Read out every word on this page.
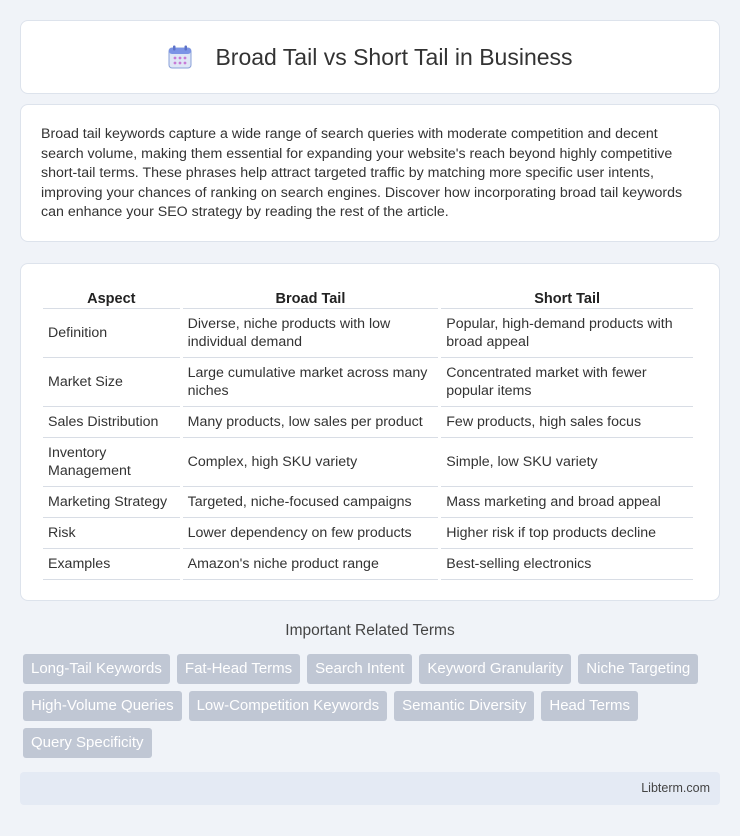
Broad Tail vs Short Tail in Business

Broad tail keywords capture a wide range of search queries with moderate competition and decent search volume, making them essential for expanding your website's reach beyond highly competitive short-tail terms. These phrases help attract targeted traffic by matching more specific user intents, improving your chances of ranking on search engines. Discover how incorporating broad tail keywords can enhance your SEO strategy by reading the rest of the article.

Aspect	Broad Tail	Short Tail
Definition	Diverse, niche products with low individual demand	Popular, high-demand products with broad appeal
Market Size	Large cumulative market across many niches	Concentrated market with fewer popular items
Sales Distribution	Many products, low sales per product	Few products, high sales focus
Inventory Management	Complex, high SKU variety	Simple, low SKU variety
Marketing Strategy	Targeted, niche-focused campaigns	Mass marketing and broad appeal
Risk	Lower dependency on few products	Higher risk if top products decline
Examples	Amazon's niche product range	Best-selling electronics
Important Related Terms
Long-Tail Keywords	Fat-Head Terms	Search Intent	Keyword Granularity	Niche Targeting
High-Volume Queries	Low-Competition Keywords	Semantic Diversity	Head Terms
Query Specificity
Libterm.com
